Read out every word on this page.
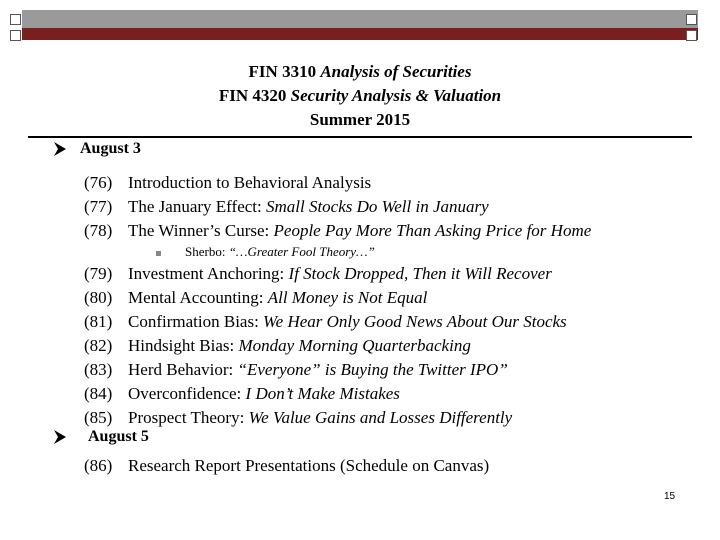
FIN 3310 Analysis of Securities
FIN 4320 Security Analysis & Valuation
Summer 2015
August 3
(76) Introduction to Behavioral Analysis
(77) The January Effect: Small Stocks Do Well in January
(78) The Winner’s Curse: People Pay More Than Asking Price for Home
Sherbo: “…Greater Fool Theory…”
(79) Investment Anchoring: If Stock Dropped, Then it Will Recover
(80) Mental Accounting: All Money is Not Equal
(81) Confirmation Bias: We Hear Only Good News About Our Stocks
(82) Hindsight Bias: Monday Morning Quarterbacking
(83) Herd Behavior: “Everyone” is Buying the Twitter IPO”
(84) Overconfidence: I Don’t Make Mistakes
(85) Prospect Theory: We Value Gains and Losses Differently
August 5
(86) Research Report Presentations (Schedule on Canvas)
15
